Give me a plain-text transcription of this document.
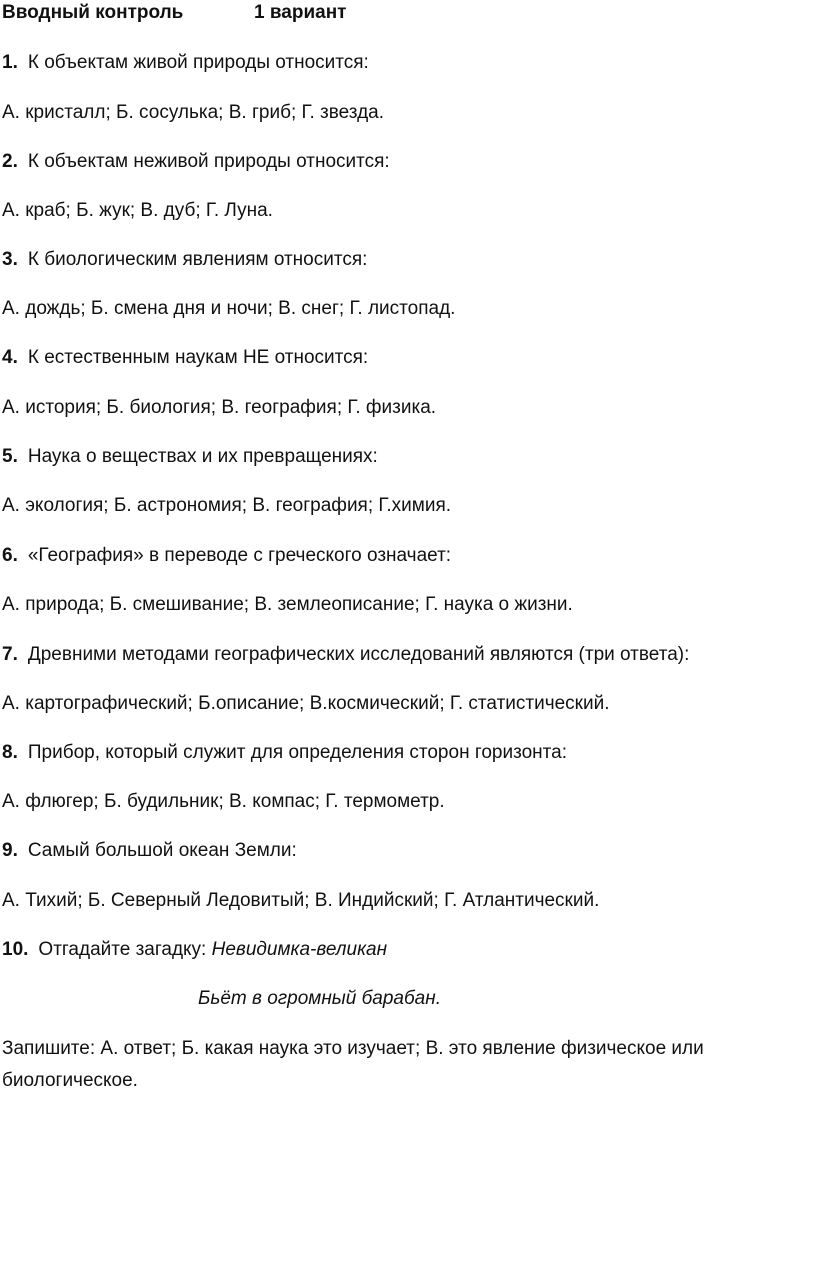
Вводный контроль	1 вариант
1. К объектам живой природы относится:
А. кристалл; Б. сосулька; В. гриб; Г. звезда.
2. К объектам неживой природы относится:
А. краб; Б. жук; В. дуб; Г. Луна.
3. К биологическим явлениям относится:
А. дождь; Б. смена дня и ночи; В. снег; Г. листопад.
4. К естественным наукам НЕ относится:
А. история; Б. биология; В. география; Г. физика.
5. Наука о веществах и их превращениях:
А. экология; Б. астрономия; В. география; Г.химия.
6. «География» в переводе с греческого означает:
А. природа; Б. смешивание; В. землеописание; Г. наука о жизни.
7. Древними методами географических исследований являются (три ответа):
А. картографический; Б.описание; В.космический; Г. статистический.
8. Прибор, который служит для определения сторон горизонта:
А. флюгер; Б. будильник; В. компас; Г. термометр.
9. Самый большой океан Земли:
А. Тихий; Б. Северный Ледовитый; В. Индийский; Г. Атлантический.
10. Отгадайте загадку: Невидимка-великан
Бьёт в огромный барабан.
Запишите: А. ответ; Б. какая наука это изучает; В. это явление физическое или биологическое.
